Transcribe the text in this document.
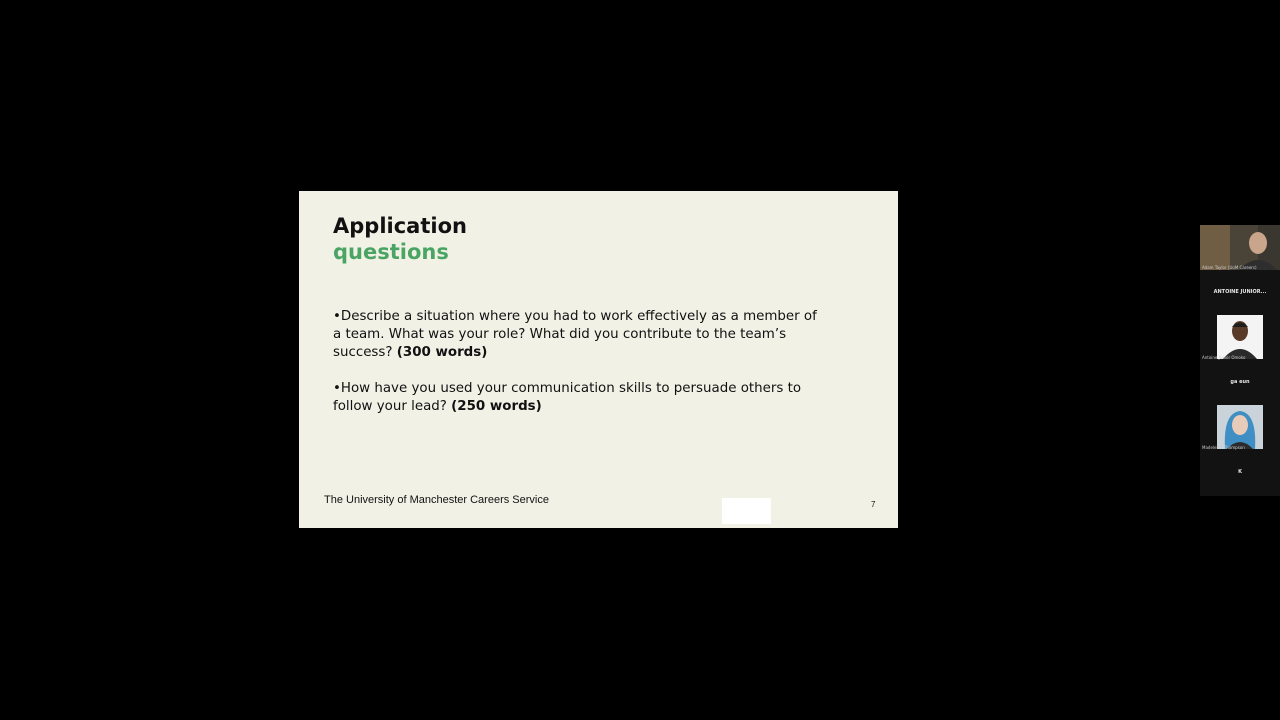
Application
questions
•Describe a situation where you had to work effectively as a member of a team. What was your role? What did you contribute to the team’s success? (300 words)
•How have you used your communication skills to persuade others to follow your lead? (250 words)
The University of Manchester Careers Service	7
Adam Taylor (UoM Careers)
ANTOINE JUNIOR...
Antoine Junior Omoko
ga eun
Madeleine Thompson
K
